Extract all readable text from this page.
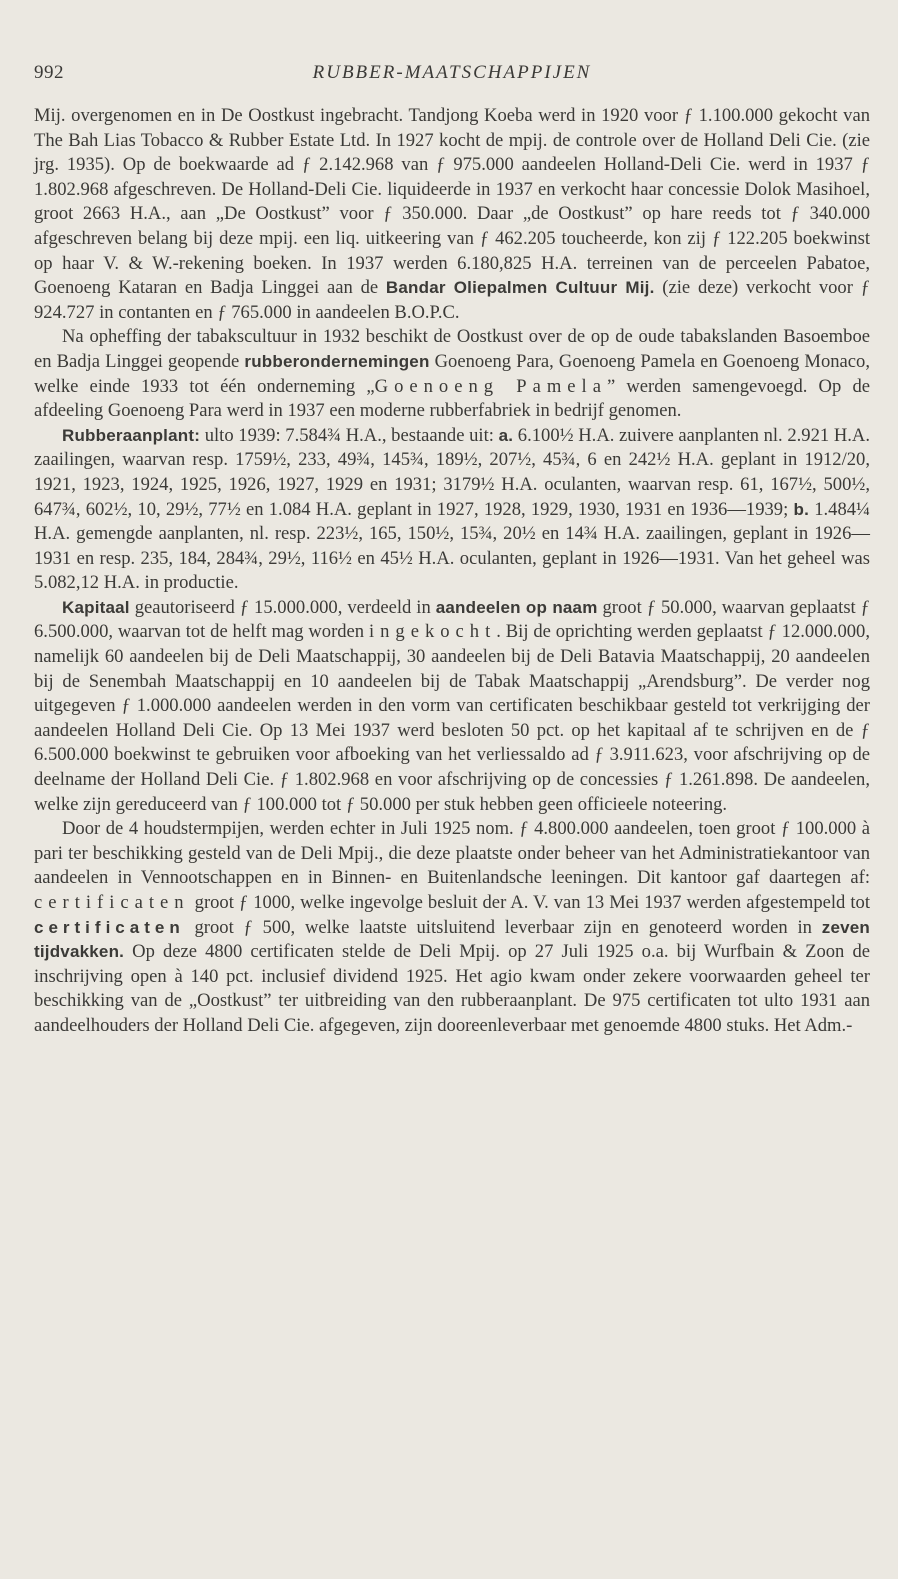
992	RUBBER-MAATSCHAPPIJEN

Mij. overgenomen en in De Oostkust ingebracht. Tandjong Koeba werd in 1920 voor ƒ 1.100.000 gekocht van The Bah Lias Tobacco & Rubber Estate Ltd. In 1927 kocht de mpij. de controle over de Holland Deli Cie. (zie jrg. 1935). Op de boekwaarde ad ƒ 2.142.968 van ƒ 975.000 aandeelen Holland-Deli Cie. werd in 1937 ƒ 1.802.968 afgeschreven. De Holland-Deli Cie. liquideerde in 1937 en verkocht haar concessie Dolok Masihoel, groot 2663 H.A., aan „De Oostkust” voor ƒ 350.000. Daar „de Oostkust” op hare reeds tot ƒ 340.000 afgeschreven belang bij deze mpij. een liq. uitkeering van ƒ 462.205 toucheerde, kon zij ƒ 122.205 boekwinst op haar V. & W.-rekening boeken. In 1937 werden 6.180,825 H.A. terreinen van de perceelen Pabatoe, Goenoeng Kataran en Badja Linggei aan de Bandar Oliepalmen Cultuur Mij. (zie deze) verkocht voor ƒ 924.727 in contanten en ƒ 765.000 in aandeelen B.O.P.C.

Na opheffing der tabakscultuur in 1932 beschikt de Oostkust over de op de oude tabakslanden Basoemboe en Badja Linggei geopende rubberondernemingen Goenoeng Para, Goenoeng Pamela en Goenoeng Monaco, welke einde 1933 tot één onderneming „Goenoeng Pamela” werden samengevoegd. Op de afdeeling Goenoeng Para werd in 1937 een moderne rubberfabriek in bedrijf genomen.

Rubberaanplant: ulto 1939: 7.584¾ H.A., bestaande uit: a. 6.100½ H.A. zuivere aanplanten nl. 2.921 H.A. zaailingen, waarvan resp. 1759½, 233, 49¾, 145¾, 189½, 207½, 45¾, 6 en 242½ H.A. geplant in 1912/20, 1921, 1923, 1924, 1925, 1926, 1927, 1929 en 1931; 3179½ H.A. oculanten, waarvan resp. 61, 167½, 500½, 647¾, 602½, 10, 29½, 77½ en 1.084 H.A. geplant in 1927, 1928, 1929, 1930, 1931 en 1936—1939; b. 1.484¼ H.A. gemengde aanplanten, nl. resp. 223½, 165, 150½, 15¾, 20½ en 14¾ H.A. zaailingen, geplant in 1926—1931 en resp. 235, 184, 284¾, 29½, 116½ en 45½ H.A. oculanten, geplant in 1926—1931. Van het geheel was 5.082,12 H.A. in productie.

Kapitaal geautoriseerd ƒ 15.000.000, verdeeld in aandeelen op naam groot ƒ 50.000, waarvan geplaatst ƒ 6.500.000, waarvan tot de helft mag worden ingekocht. Bij de oprichting werden geplaatst ƒ 12.000.000, namelijk 60 aandeelen bij de Deli Maatschappij, 30 aandeelen bij de Deli Batavia Maatschappij, 20 aandeelen bij de Senembah Maatschappij en 10 aandeelen bij de Tabak Maatschappij „Arendsburg”. De verder nog uitgegeven ƒ 1.000.000 aandeelen werden in den vorm van certificaten beschikbaar gesteld tot verkrijging der aandeelen Holland Deli Cie. Op 13 Mei 1937 werd besloten 50 pct. op het kapitaal af te schrijven en de ƒ 6.500.000 boekwinst te gebruiken voor afboeking van het verliessaldo ad ƒ 3.911.623, voor afschrijving op de deelname der Holland Deli Cie. ƒ 1.802.968 en voor afschrijving op de concessies ƒ 1.261.898. De aandeelen, welke zijn gereduceerd van ƒ 100.000 tot ƒ 50.000 per stuk hebben geen officieele noteering.

Door de 4 houdstermpijen, werden echter in Juli 1925 nom. ƒ 4.800.000 aandeelen, toen groot ƒ 100.000 à pari ter beschikking gesteld van de Deli Mpij., die deze plaatste onder beheer van het Administratiekantoor van aandeelen in Vennootschappen en in Binnen- en Buitenlandsche leeningen. Dit kantoor gaf daartegen af: certificaten groot ƒ 1000, welke ingevolge besluit der A. V. van 13 Mei 1937 werden afgestempeld tot certificaten groot ƒ 500, welke laatste uitsluitend leverbaar zijn en genoteerd worden in zeven tijdvakken. Op deze 4800 certificaten stelde de Deli Mpij. op 27 Juli 1925 o.a. bij Wurfbain & Zoon de inschrijving open à 140 pct. inclusief dividend 1925. Het agio kwam onder zekere voorwaarden geheel ter beschikking van de „Oostkust” ter uitbreiding van den rubberaanplant. De 975 certificaten tot ulto 1931 aan aandeelhouders der Holland Deli Cie. afgegeven, zijn dooreenleverbaar met genoemde 4800 stuks. Het Adm.-
